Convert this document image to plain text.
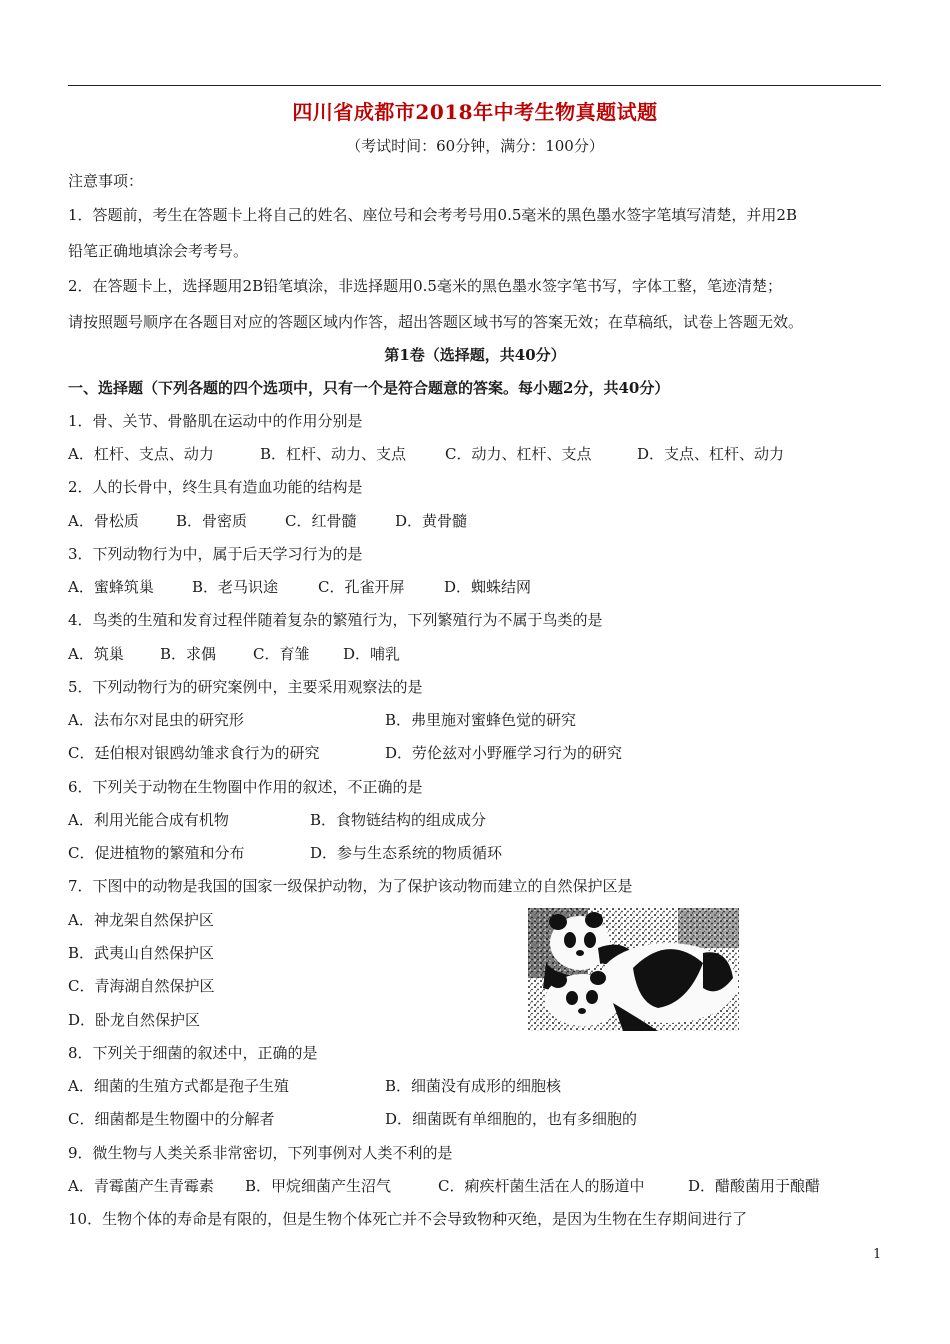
四川省成都市2018年中考生物真题试题
（考试时间：60分钟，满分：100分）
注意事项：
1．答题前，考生在答题卡上将自己的姓名、座位号和会考考号用0.5毫米的黑色墨水签字笔填写清楚，并用2B
铅笔正确地填涂会考考号。
2．在答题卡上，选择题用2B铅笔填涂，非选择题用0.5毫米的黑色墨水签字笔书写，字体工整，笔迹清楚；
请按照题号顺序在各题目对应的答题区域内作答，超出答题区域书写的答案无效；在草稿纸，试卷上答题无效。
第1卷（选择题，共40分）
一、选择题（下列各题的四个选项中，只有一个是符合题意的答案。每小题2分，共40分）
1．骨、关节、骨骼肌在运动中的作用分别是
A．杠杆、支点、动力	B．杠杆、动力、支点	C．动力、杠杆、支点	D．支点、杠杆、动力
2．人的长骨中，终生具有造血功能的结构是
A．骨松质 B．骨密质	C．红骨髓	D．黄骨髓
3．下列动物行为中，属于后天学习行为的是
A．蜜蜂筑巢	B．老马识途	C．孔雀开屏	D．蜘蛛结网
4．鸟类的生殖和发育过程伴随着复杂的繁殖行为，下列繁殖行为不属于鸟类的是
A．筑巢 B．求偶 C．育雏 D．哺乳
5．下列动物行为的研究案例中，主要采用观察法的是
A．法布尔对昆虫的研究形	B．弗里施对蜜蜂色觉的研究
C．廷伯根对银鸥幼雏求食行为的研究	D．劳伦兹对小野雁学习行为的研究
6．下列关于动物在生物圈中作用的叙述，不正确的是
A．利用光能合成有机物	B．食物链结构的组成成分
C．促进植物的繁殖和分布	D．参与生态系统的物质循环
7．下图中的动物是我国的国家一级保护动物，为了保护该动物而建立的自然保护区是
A．神龙架自然保护区
B．武夷山自然保护区
C．青海湖自然保护区
D．卧龙自然保护区
8．下列关于细菌的叙述中，正确的是
A．细菌的生殖方式都是孢子生殖	B．细菌没有成形的细胞核
C．细菌都是生物圈中的分解者	D．细菌既有单细胞的，也有多细胞的
9．微生物与人类关系非常密切，下列事例对人类不利的是
A．青霉菌产生青霉素 B．甲烷细菌产生沼气	C．痢疾杆菌生活在人的肠道中	D．醋酸菌用于酿醋
10．生物个体的寿命是有限的，但是生物个体死亡并不会导致物种灭绝，是因为生物在生存期间进行了
1
